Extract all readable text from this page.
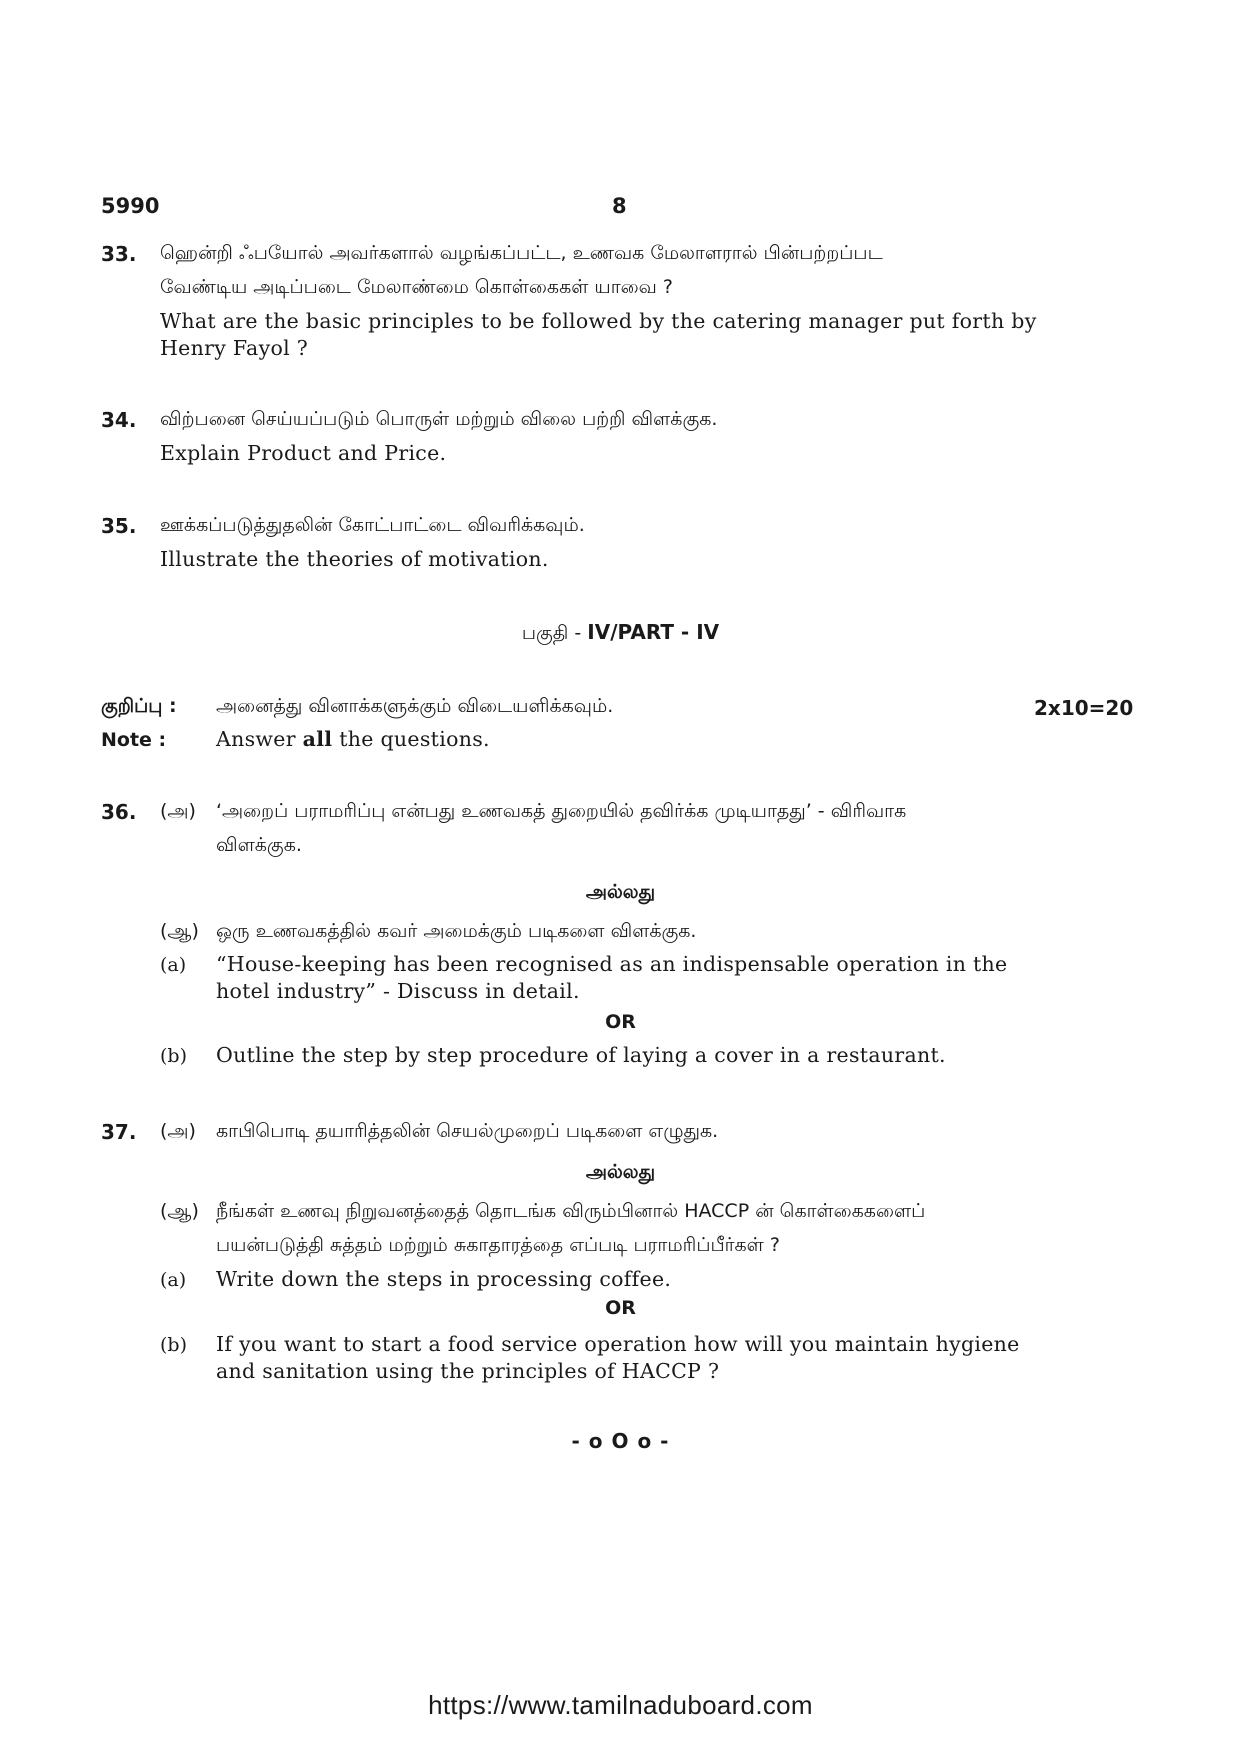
5990	8
33. ஹென்றி ஃபயோல் அவர்களால் வழங்கப்பட்ட, உணவக மேலாளரால் பின்பற்றப்பட
வேண்டிய அடிப்படை மேலாண்மை கொள்கைகள் யாவை ?
What are the basic principles to be followed by the catering manager put forth by
Henry Fayol ?
34. விற்பனை செய்யப்படும் பொருள் மற்றும் விலை பற்றி விளக்குக.
Explain Product and Price.
35. ஊக்கப்படுத்துதலின் கோட்பாட்டை விவரிக்கவும்.
Illustrate the theories of motivation.
பகுதி - IV/PART - IV
குறிப்பு : அனைத்து வினாக்களுக்கும் விடையளிக்கவும்.	2x10=20
Note : Answer all the questions.
36. (அ) ‘அறைப் பராமரிப்பு என்பது உணவகத் துறையில் தவிர்க்க முடியாதது’ - விரிவாக
விளக்குக.
அல்லது
(ஆ) ஒரு உணவகத்தில் கவர் அமைக்கும் படிகளை விளக்குக.
(a) “House-keeping has been recognised as an indispensable operation in the
hotel industry” - Discuss in detail.
OR
(b) Outline the step by step procedure of laying a cover in a restaurant.
37. (அ) காபிபொடி தயாரித்தலின் செயல்முறைப் படிகளை எழுதுக.
அல்லது
(ஆ) நீங்கள் உணவு நிறுவனத்தைத் தொடங்க விரும்பினால் HACCP ன் கொள்கைகளைப்
பயன்படுத்தி சுத்தம் மற்றும் சுகாதாரத்தை எப்படி பராமரிப்பீர்கள் ?
(a) Write down the steps in processing coffee.
OR
(b) If you want to start a food service operation how will you maintain hygiene
and sanitation using the principles of HACCP ?
- o O o -
https://www.tamilnaduboard.com
